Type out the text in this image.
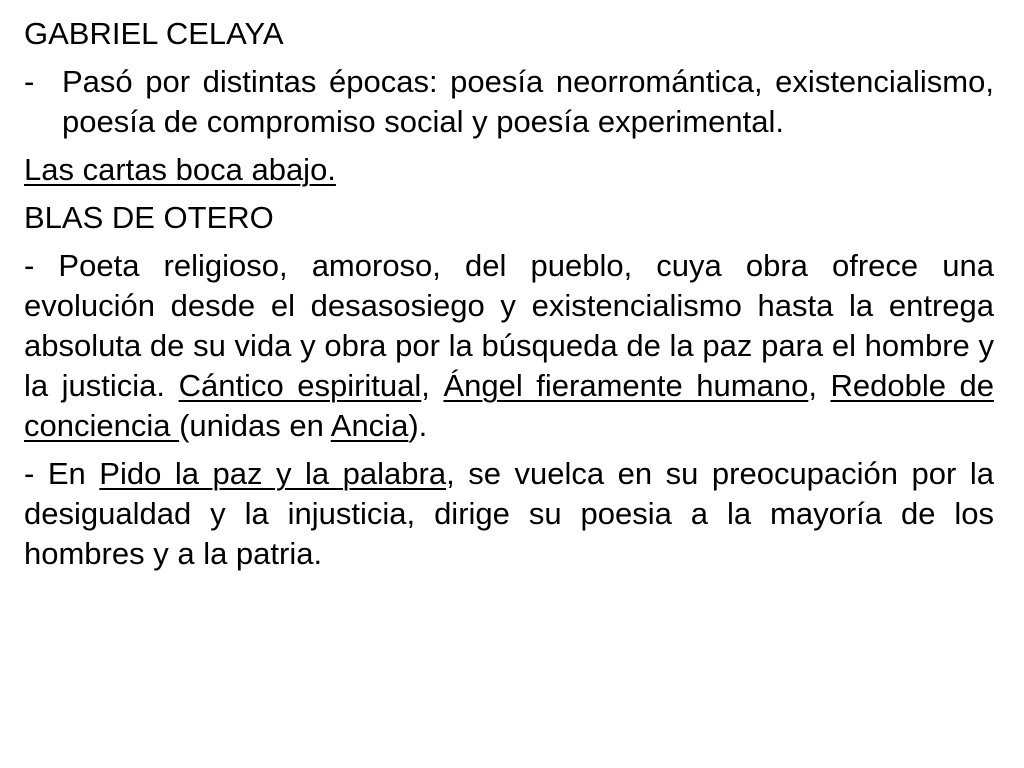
GABRIEL CELAYA

- Pasó por distintas épocas: poesía neorromántica, existencialismo, poesía de compromiso social y poesía experimental.

Las cartas boca abajo.

BLAS DE OTERO

- Poeta religioso, amoroso, del pueblo, cuya obra ofrece una evolución desde el desasosiego y existencialismo hasta la entrega absoluta de su vida y obra por la búsqueda de la paz para el hombre y la justicia. Cántico espiritual, Ángel fieramente humano, Redoble de conciencia (unidas en Ancia).

- En Pido la paz y la palabra, se vuelca en su preocupación por la desigualdad y la injusticia, dirige su poesia a la mayoría de los hombres y a la patria.
